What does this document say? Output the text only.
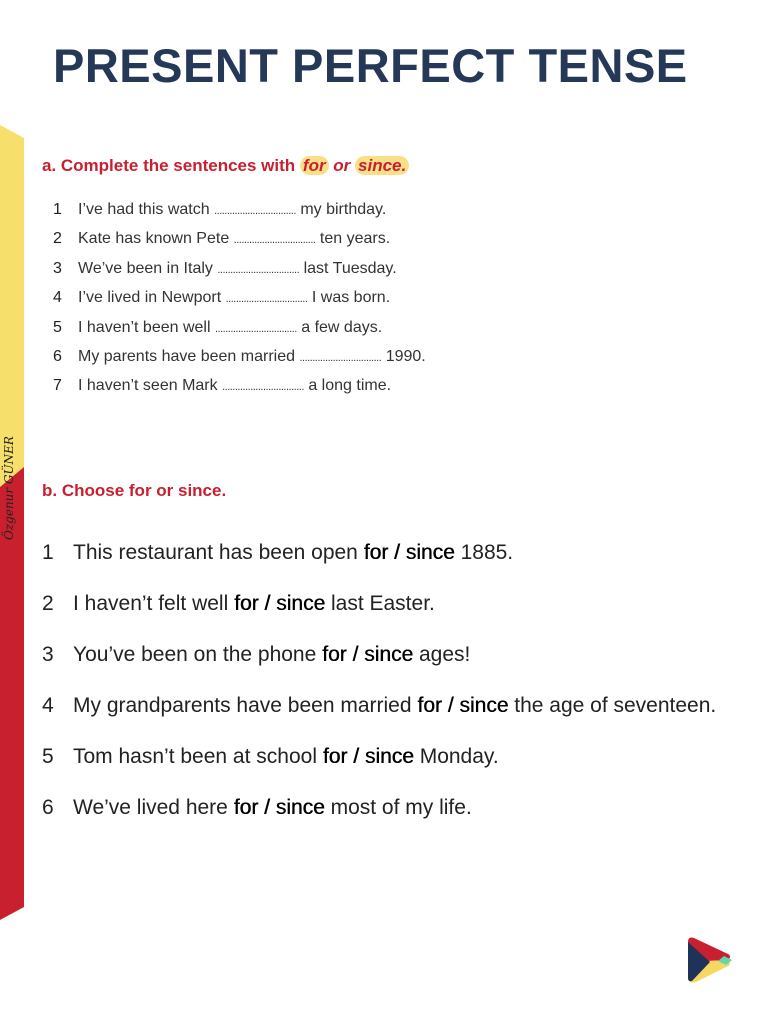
Özgenur GÜNER
PRESENT PERFECT TENSE
a. Complete the sentences with for or since.
1 I’ve had this watch ................................ my birthday.
2 Kate has known Pete ................................ ten years.
3 We’ve been in Italy ................................ last Tuesday.
4 I’ve lived in Newport ................................ I was born.
5 I haven’t been well ................................ a few days.
6 My parents have been married ................................ 1990.
7 I haven’t seen Mark ................................ a long time.
b. Choose for or since.
1 This restaurant has been open for / since 1885.
2 I haven’t felt well for / since last Easter.
3 You’ve been on the phone for / since ages!
4 My grandparents have been married for / since the age of seventeen.
5 Tom hasn’t been at school for / since Monday.
6 We’ve lived here for / since most of my life.
